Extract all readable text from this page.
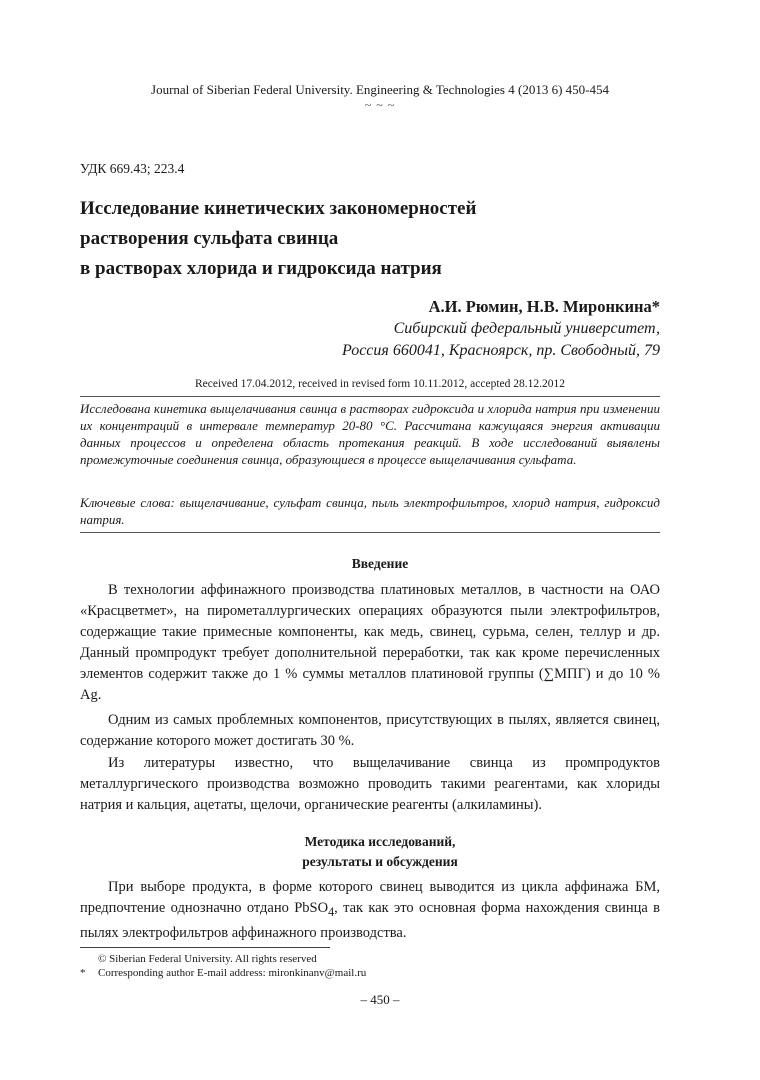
Journal of Siberian Federal University. Engineering & Technologies 4 (2013 6) 450-454
~ ~ ~
УДК 669.43; 223.4
Исследование кинетических закономерностей
растворения сульфата свинца
в растворах хлорида и гидроксида натрия
А.И. Рюмин, Н.В. Миронкина*
Сибирский федеральный университет,
Россия 660041, Красноярск, пр. Свободный, 79
Received 17.04.2012, received in revised form 10.11.2012, accepted 28.12.2012

Исследована кинетика выщелачивания свинца в растворах гидроксида и хлорида натрия при изменении их концентраций в интервале температур 20-80 °С. Рассчитана кажущаяся энергия активации данных процессов и определена область протекания реакций. В ходе исследований выявлены промежуточные соединения свинца, образующиеся в процессе выщелачивания сульфата.

Ключевые слова: выщелачивание, сульфат свинца, пыль электрофильтров, хлорид натрия, гидроксид натрия.

Введение

В технологии аффинажного производства платиновых металлов, в частности на ОАО «Красцветмет», на пирометаллургических операциях образуются пыли электрофильтров, содержащие такие примесные компоненты, как медь, свинец, сурьма, селен, теллур и др. Данный промпродукт требует дополнительной переработки, так как кроме перечисленных элементов содержит также до 1 % суммы металлов платиновой группы (∑МПГ) и до 10 % Ag.

Одним из самых проблемных компонентов, присутствующих в пылях, является свинец, содержание которого может достигать 30 %.

Из литературы известно, что выщелачивание свинца из промпродуктов металлургического производства возможно проводить такими реагентами, как хлориды натрия и кальция, ацетаты, щелочи, органические реагенты (алкиламины).

Методика исследований,
результаты и обсуждения

При выборе продукта, в форме которого свинец выводится из цикла аффинажа БМ, предпочтение однозначно отдано PbSO$_4$, так как это основная форма нахождения свинца в пылях электрофильтров аффинажного производства.

© Siberian Federal University. All rights reserved
* Corresponding author E-mail address: mironkinanv@mail.ru
– 450 –
